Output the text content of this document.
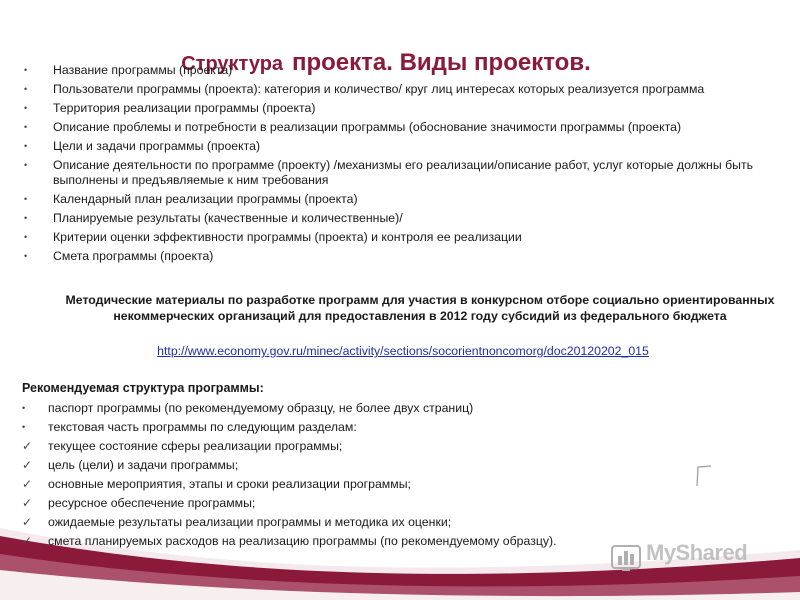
Структура проекта. Виды проектов.
• Название программы (проекта)
• Пользователи программы (проекта): категория и количество/ круг лиц интересах которых реализуется программа
• Территория реализации программы (проекта)
• Описание проблемы и потребности в реализации программы (обоснование значимости программы (проекта)
• Цели и задачи программы (проекта)
• Описание деятельности по программе (проекту) /механизмы его реализации/описание работ, услуг которые должны быть выполнены и предъявляемые к ним требования
• Календарный план реализации программы (проекта)
• Планируемые результаты (качественные и количественные)/
• Критерии оценки эффективности программы (проекта) и контроля ее реализации
• Смета программы (проекта)
Методические материалы по разработке программ для участия в конкурсном отборе социально ориентированных некоммерческих организаций для предоставления в 2012 году субсидий из федерального бюджета
http://www.economy.gov.ru/minec/activity/sections/socorientnoncomorg/doc20120202_015
Рекомендуемая структура программы:
• паспорт программы (по рекомендуемому образцу, не более двух страниц)
• текстовая часть программы по следующим разделам:
✓ текущее состояние сферы реализации программы;
✓ цель (цели) и задачи программы;
✓ основные мероприятия, этапы и сроки реализации программы;
✓ ресурсное обеспечение программы;
✓ ожидаемые результаты реализации программы и методика их оценки;
✓ смета планируемых расходов на реализацию программы (по рекомендуемому образцу).	MyShared
